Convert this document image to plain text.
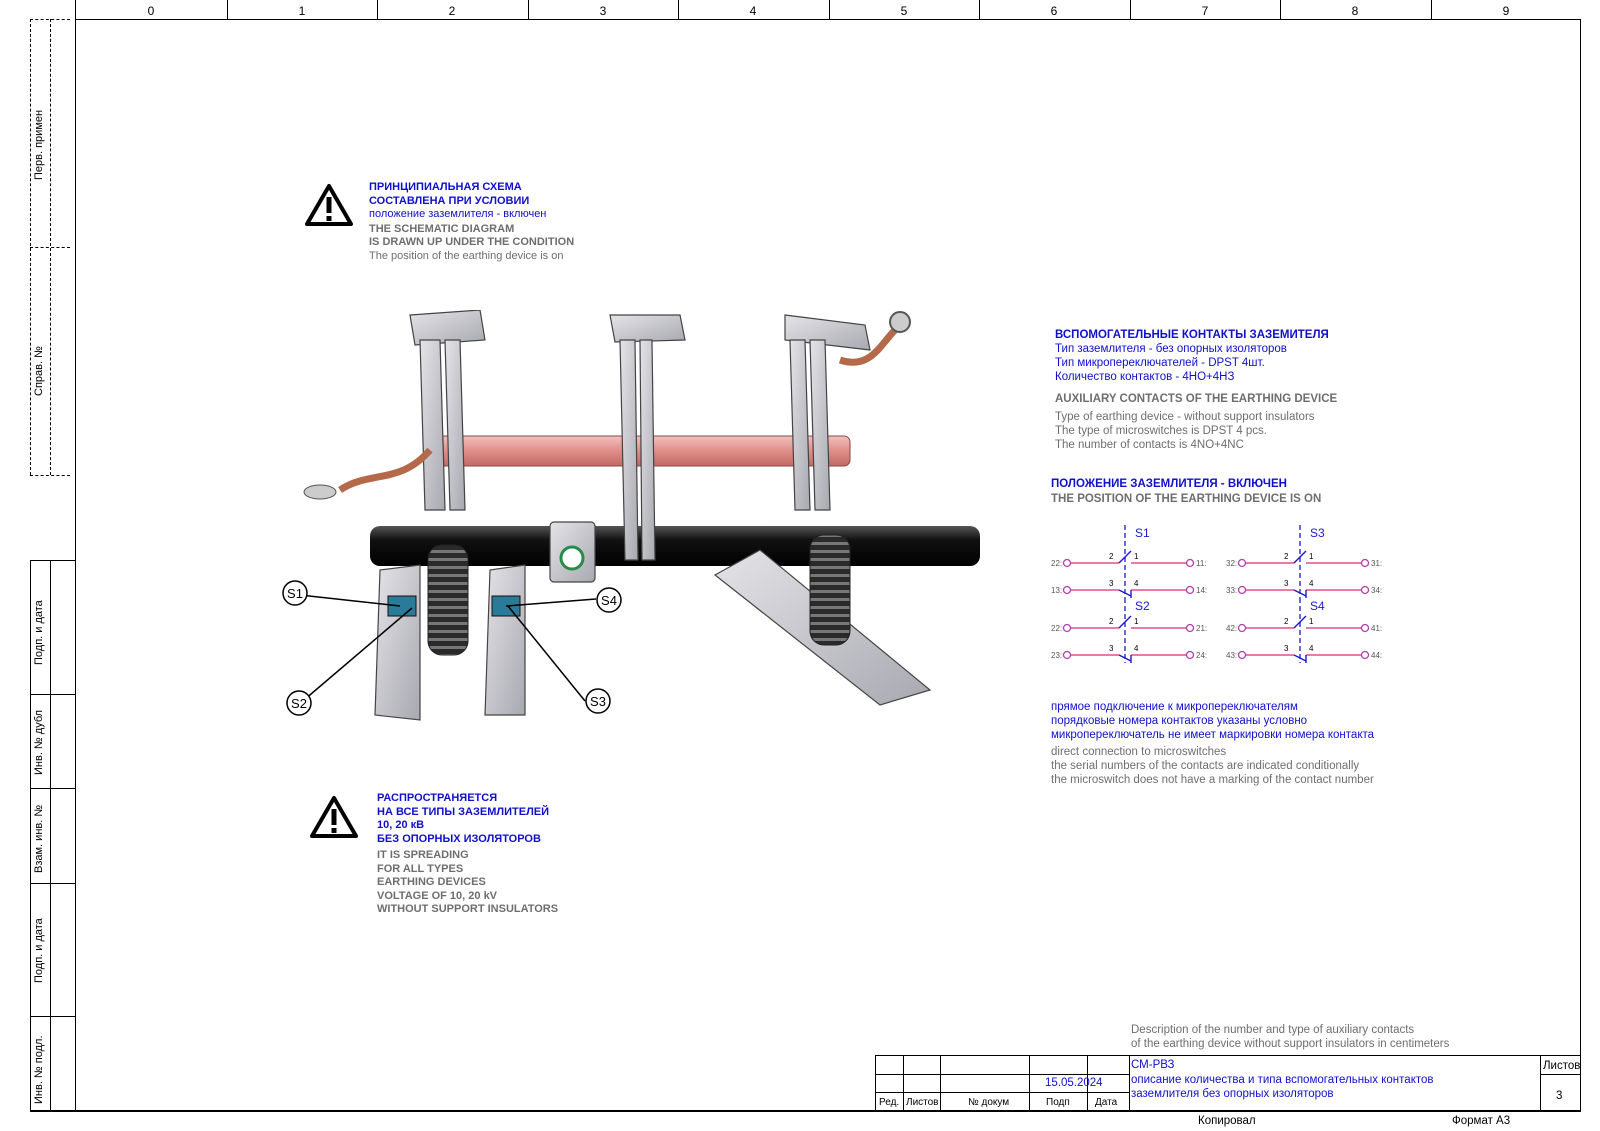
0	1	2	3	4	5	6	7	8	9
Перв. примен
Справ. №
Подп. и дата
Инв. № дубл
Взам. инв. №
Подп. и дата
Инв. № подл.
ПРИНЦИПИАЛЬНАЯ СХЕМА
СОСТАВЛЕНА ПРИ УСЛОВИИ
положение заземлителя - включен
THE SCHEMATIC DIAGRAM
IS DRAWN UP UNDER THE CONDITION
The position of the earthing device is on
РАСПРОСТРАНЯЕТСЯ
НА ВСЕ ТИПЫ ЗАЗЕМЛИТЕЛЕЙ
10, 20 кВ
БЕЗ ОПОРНЫХ ИЗОЛЯТОРОВ
IT IS SPREADING
FOR ALL TYPES
EARTHING DEVICES
VOLTAGE OF 10, 20 kV
WITHOUT SUPPORT INSULATORS
S1
S2	S3
S4
ВСПОМОГАТЕЛЬНЫЕ КОНТАКТЫ ЗАЗЕМИТЕЛЯ
Тип заземлителя - без опорных изоляторов
Тип микропереключателей - DPST 4шт.
Количество контактов - 4НО+4НЗ
AUXILIARY CONTACTS OF THE EARTHING DEVICE
Type of earthing device - without support insulators
The type of microswitches is DPST 4 pcs.
The number of contacts is 4NO+4NC
ПОЛОЖЕНИЕ ЗАЗЕМЛИТЕЛЯ - ВКЛЮЧЕН
THE POSITION OF THE EARTHING DEVICE IS ON
S1
22:	11:
2	1
13:	14:
3	4
S3
32:	31:
2	1
33:	34:
3	4
S2
22:	21:
2	1
23:	24:
3	4
S4
42:	41:
2	1
43:	44:
3	4
прямое подключение к микропереключателям
порядковые номера контактов указаны условно
микропереключатель не имеет маркировки номера контакта
direct connection to microswitches
the serial numbers of the contacts are indicated conditionally
the microswitch does not have a marking of the contact number
Description of the number and type of auxiliary contacts
of the earthing device without support insulators in centimeters
15.05.2024
Ред. Листов	№ докум	Подп	Дата
СМ-РВЗ
описание количества и типа вспомогательных контактов
заземлителя без опорных изоляторов
Листов
3
Копировал	Формат А3
